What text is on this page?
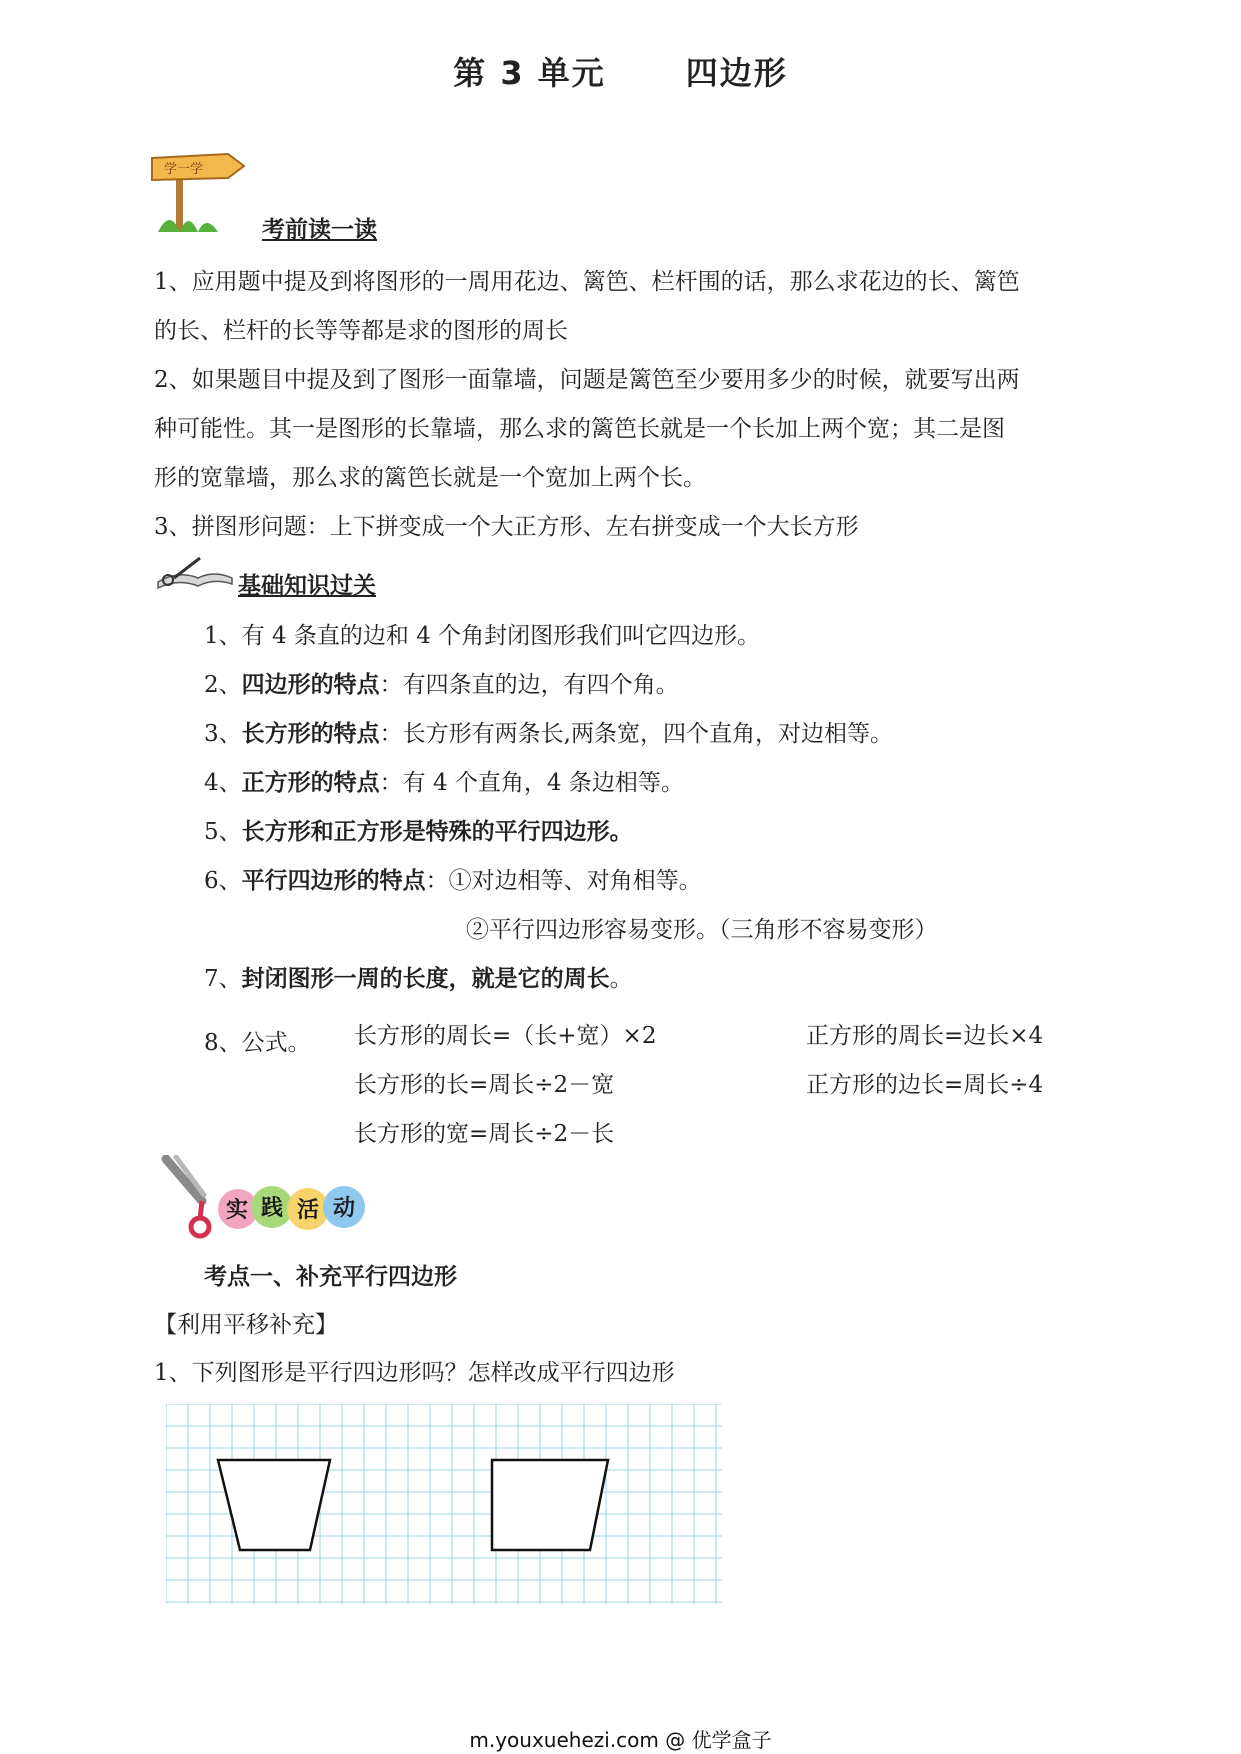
第 3 单元	四边形
学一学
考前读一读
1、应用题中提及到将图形的一周用花边、篱笆、栏杆围的话，那么求花边的长、篱笆
的长、栏杆的长等等都是求的图形的周长
2、如果题目中提及到了图形一面靠墙，问题是篱笆至少要用多少的时候，就要写出两
种可能性。其一是图形的长靠墙，那么求的篱笆长就是一个长加上两个宽；其二是图
形的宽靠墙，那么求的篱笆长就是一个宽加上两个长。
3、拼图形问题：上下拼变成一个大正方形、左右拼变成一个大长方形
基础知识过关
1、有 4 条直的边和 4 个角封闭图形我们叫它四边形。
2、四边形的特点：有四条直的边，有四个角。
3、长方形的特点：长方形有两条长,两条宽，四个直角，对边相等。
4、正方形的特点：有 4 个直角，4 条边相等。
5、长方形和正方形是特殊的平行四边形。
6、平行四边形的特点：①对边相等、对角相等。
②平行四边形容易变形。（三角形不容易变形）
7、封闭图形一周的长度，就是它的周长。
8、公式。 长方形的周长=（长+宽）×2
长方形的长=周长÷2－宽
长方形的宽=周长÷2－长
正方形的周长=边长×4
正方形的边长=周长÷4
实 践 活 动
考点一、补充平行四边形
【利用平移补充】
1、下列图形是平行四边形吗？怎样改成平行四边形
m.youxuehezi.com @ 优学盒子
